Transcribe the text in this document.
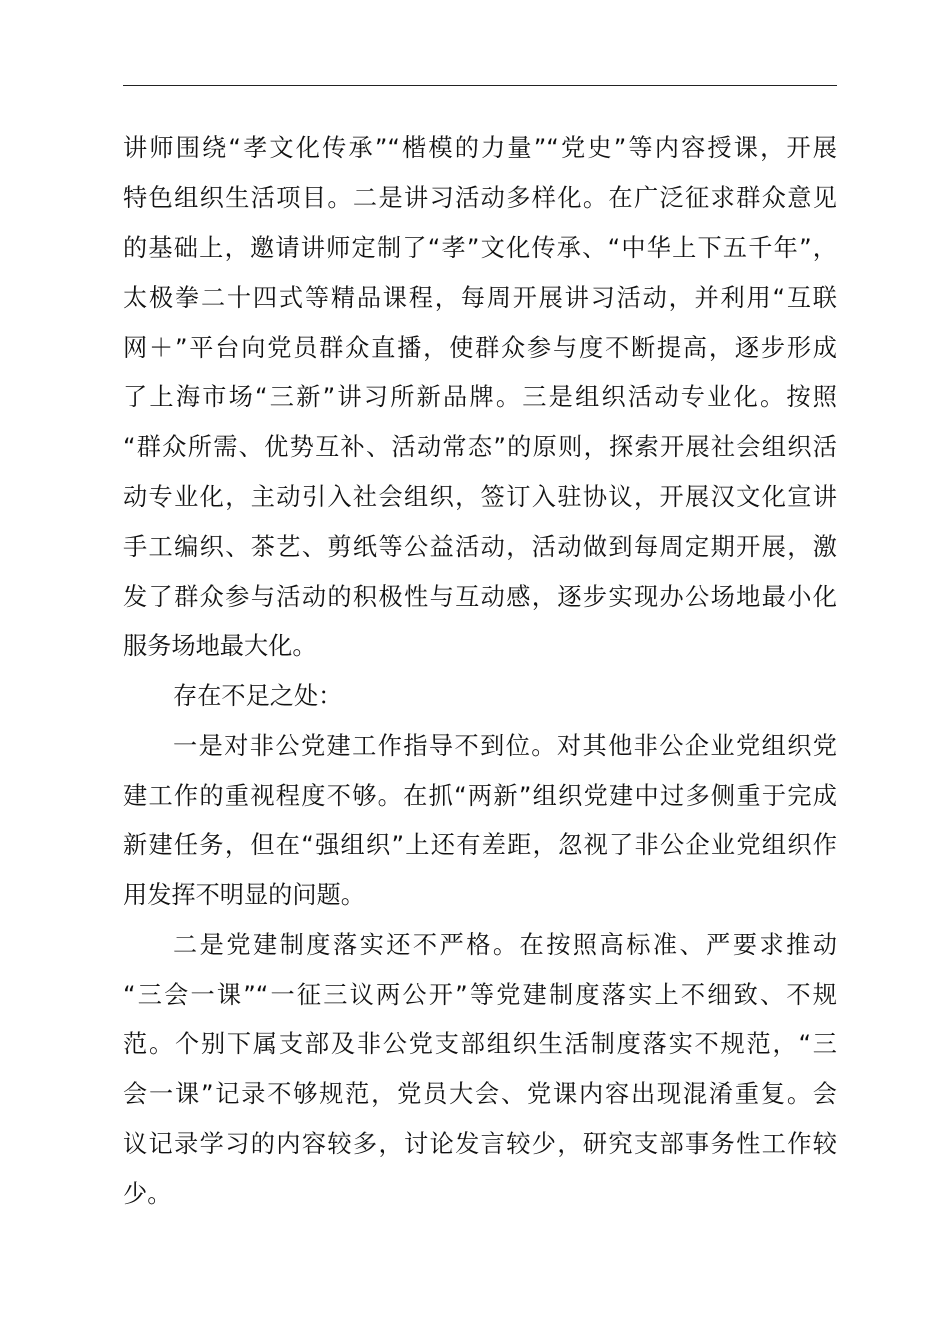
讲师围绕“孝文化传承”“楷模的力量”“党史”等内容授课，开展
特色组织生活项目。二是讲习活动多样化。在广泛征求群众意见
的基础上，邀请讲师定制了“孝”文化传承、“中华上下五千年”，
太极拳二十四式等精品课程，每周开展讲习活动，并利用“互联
网＋”平台向党员群众直播，使群众参与度不断提高，逐步形成
了上海市场“三新”讲习所新品牌。三是组织活动专业化。按照
“群众所需、优势互补、活动常态”的原则，探索开展社会组织活
动专业化，主动引入社会组织，签订入驻协议，开展汉文化宣讲
手工编织、茶艺、剪纸等公益活动，活动做到每周定期开展，激
发了群众参与活动的积极性与互动感，逐步实现办公场地最小化
服务场地最大化。
存在不足之处：
一是对非公党建工作指导不到位。对其他非公企业党组织党
建工作的重视程度不够。在抓“两新”组织党建中过多侧重于完成
新建任务，但在“强组织”上还有差距，忽视了非公企业党组织作
用发挥不明显的问题。
二是党建制度落实还不严格。在按照高标准、严要求推动
“三会一课”“一征三议两公开”等党建制度落实上不细致、不规
范。个别下属支部及非公党支部组织生活制度落实不规范，“三
会一课”记录不够规范，党员大会、党课内容出现混淆重复。会
议记录学习的内容较多，讨论发言较少，研究支部事务性工作较
少。
